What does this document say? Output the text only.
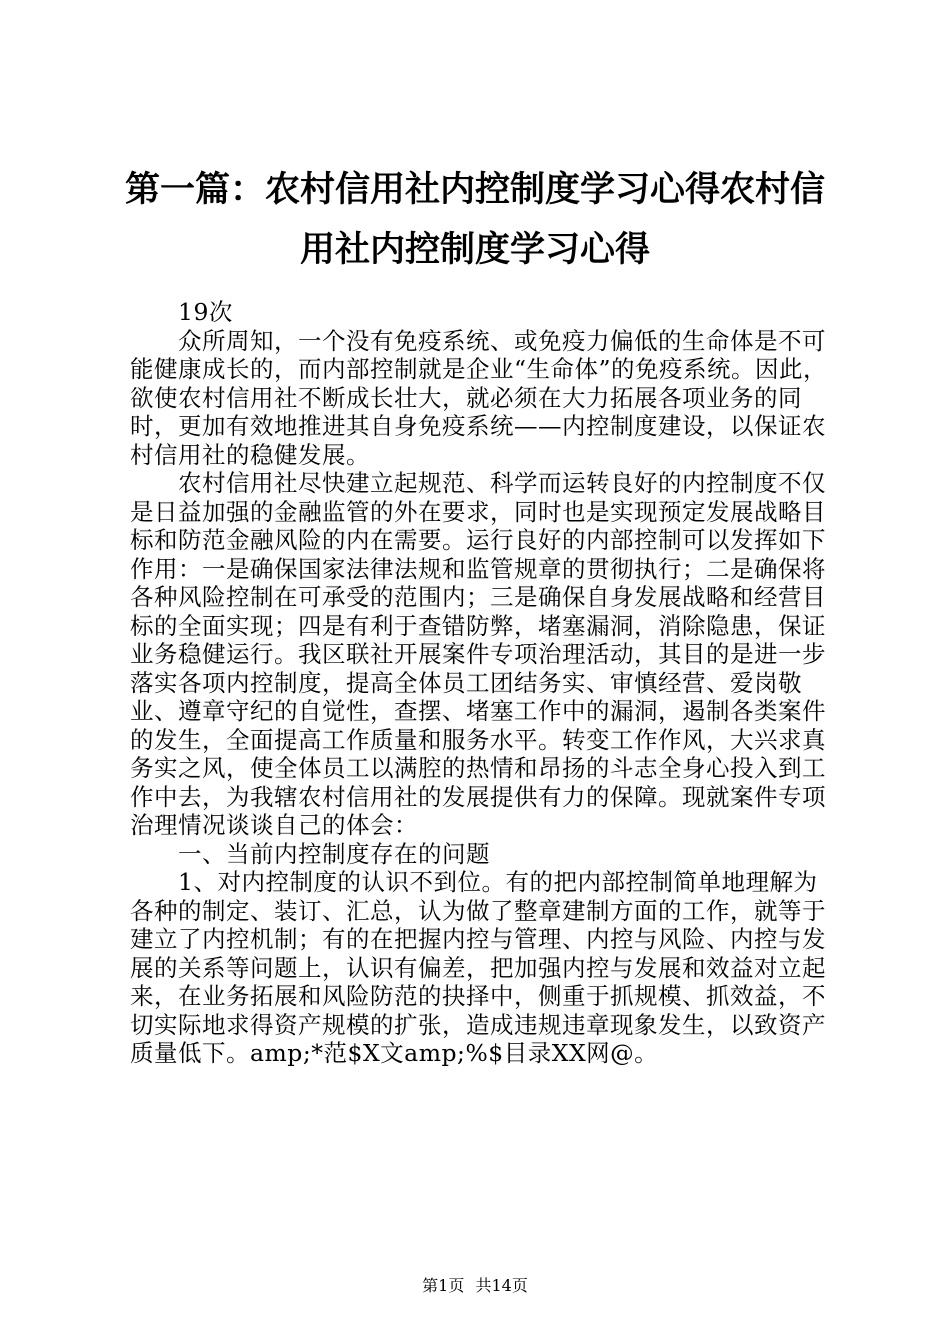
第一篇：农村信用社内控制度学习心得农村信
用社内控制度学习心得

19次

众所周知，一个没有免疫系统、或免疫力偏低的生命体是不可能健康成长的，而内部控制就是企业“生命体”的免疫系统。因此，欲使农村信用社不断成长壮大，就必须在大力拓展各项业务的同时，更加有效地推进其自身免疫系统——内控制度建设，以保证农村信用社的稳健发展。

农村信用社尽快建立起规范、科学而运转良好的内控制度不仅是日益加强的金融监管的外在要求，同时也是实现预定发展战略目标和防范金融风险的内在需要。运行良好的内部控制可以发挥如下作用：一是确保国家法律法规和监管规章的贯彻执行；二是确保将各种风险控制在可承受的范围内；三是确保自身发展战略和经营目标的全面实现；四是有利于查错防弊，堵塞漏洞，消除隐患，保证业务稳健运行。我区联社开展案件专项治理活动，其目的是进一步落实各项内控制度，提高全体员工团结务实、审慎经营、爱岗敬业、遵章守纪的自觉性，查摆、堵塞工作中的漏洞，遏制各类案件的发生，全面提高工作质量和服务水平。转变工作作风，大兴求真务实之风，使全体员工以满腔的热情和昂扬的斗志全身心投入到工作中去，为我辖农村信用社的发展提供有力的保障。现就案件专项治理情况谈谈自己的体会：

一、当前内控制度存在的问题

1、对内控制度的认识不到位。有的把内部控制简单地理解为各种的制定、装订、汇总，认为做了整章建制方面的工作，就等于建立了内控机制；有的在把握内控与管理、内控与风险、内控与发展的关系等问题上，认识有偏差，把加强内控与发展和效益对立起来，在业务拓展和风险防范的抉择中，侧重于抓规模、抓效益，不切实际地求得资产规模的扩张，造成违规违章现象发生，以致资产质量低下。amp;*范$X文amp;%$目录XX网@。

第1页 共14页
